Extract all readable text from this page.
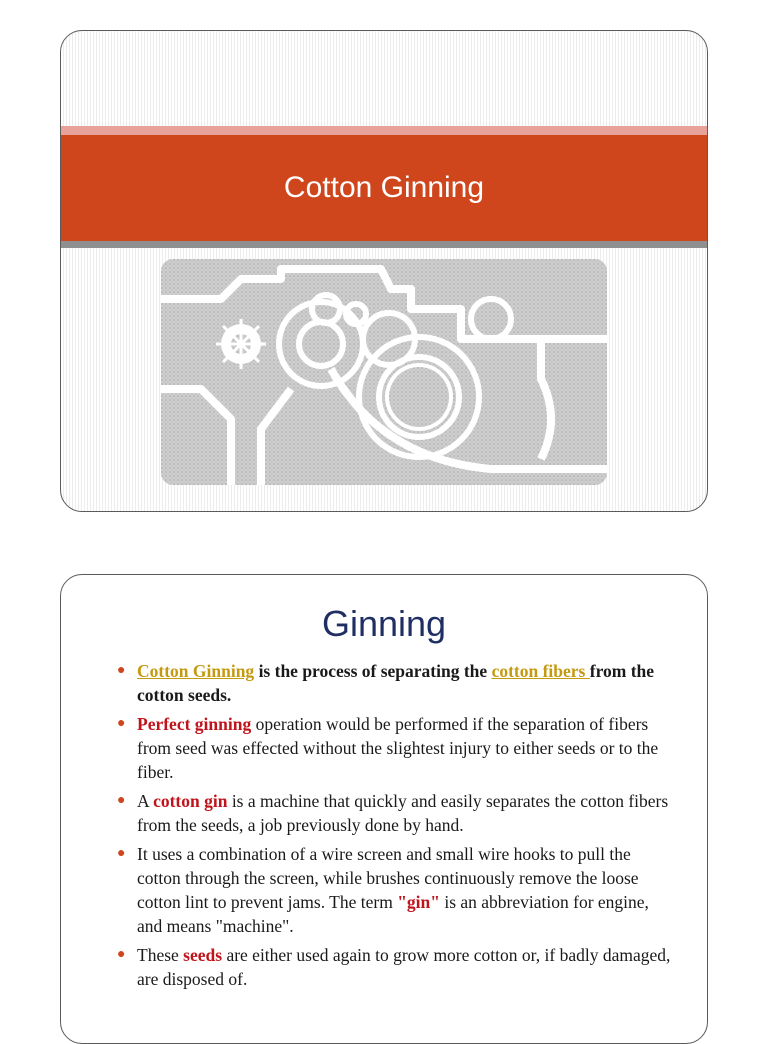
Cotton Ginning
Ginning
● Cotton Ginning is the process of separating the cotton fibers from the cotton seeds.
● Perfect ginning operation would be performed if the separation of fibers from seed was effected without the slightest injury to either seeds or to the fiber.
● A cotton gin is a machine that quickly and easily separates the cotton fibers from the seeds, a job previously done by hand.
● It uses a combination of a wire screen and small wire hooks to pull the cotton through the screen, while brushes continuously remove the loose cotton lint to prevent jams. The term "gin" is an abbreviation for engine, and means "machine".
● These seeds are either used again to grow more cotton or, if badly damaged, are disposed of.
